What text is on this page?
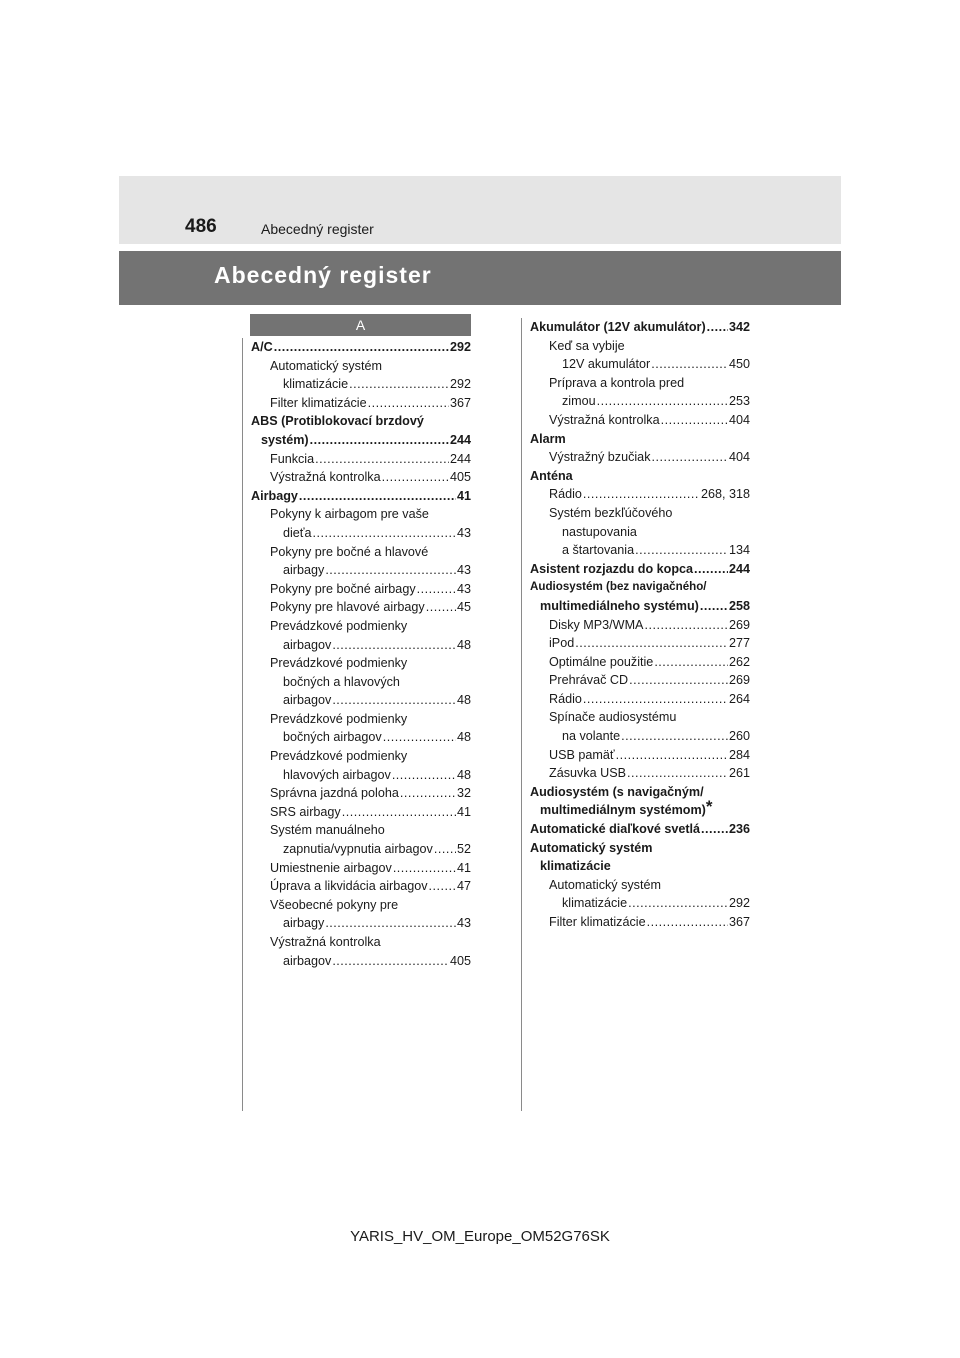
486	Abecedný register
Abecedný register
A
A/C .....	292
Automatický systém
klimatizácie .....	292
Filter klimatizácie .....	367
ABS (Protiblokovací brzdový
systém) .....	244
Funkcia .....	244
Výstražná kontrolka .....	405
Airbagy .....	41
Pokyny k airbagom pre vaše
dieťa .....	43
Pokyny pre bočné a hlavové
airbagy .....	43
Pokyny pre bočné airbagy .....	43
Pokyny pre hlavové airbagy .....	45
Prevádzkové podmienky
airbagov .....	48
Prevádzkové podmienky
bočných a hlavových
airbagov .....	48
Prevádzkové podmienky
bočných airbagov .....	48
Prevádzkové podmienky
hlavových airbagov .....	48
Správna jazdná poloha .....	32
SRS airbagy .....	41
Systém manuálneho
zapnutia/vypnutia airbagov ..... 52
Umiestnenie airbagov .....	41
Úprava a likvidácia airbagov ..... 47
Všeobecné pokyny pre
airbagy .....	43
Výstražná kontrolka
airbagov .....	405
Akumulátor (12V akumulátor) ..... 342
Keď sa vybije
12V akumulátor .....	450
Príprava a kontrola pred
zimou .....	253
Výstražná kontrolka .....	404
Alarm
Výstražný bzučiak .....	404
Anténa
Rádio .....	268, 318
Systém bezkľúčového
nastupovania
a štartovania .....	134
Asistent rozjazdu do kopca .....	244
Audiosystém (bez navigačného/
multimediálneho systému) ..... 258
Disky MP3/WMA .....	269
iPod .....	277
Optimálne použitie .....	262
Prehrávač CD .....	269
Rádio .....	264
Spínače audiosystému
na volante .....	260
USB pamäť .....	284
Zásuvka USB .....	261
Audiosystém (s navigačným/
multimediálnym systémom)*
Automatické diaľkové svetlá ..... 236
Automatický systém
klimatizácie
Automatický systém
klimatizácie .....	292
Filter klimatizácie .....	367
YARIS_HV_OM_Europe_OM52G76SK
